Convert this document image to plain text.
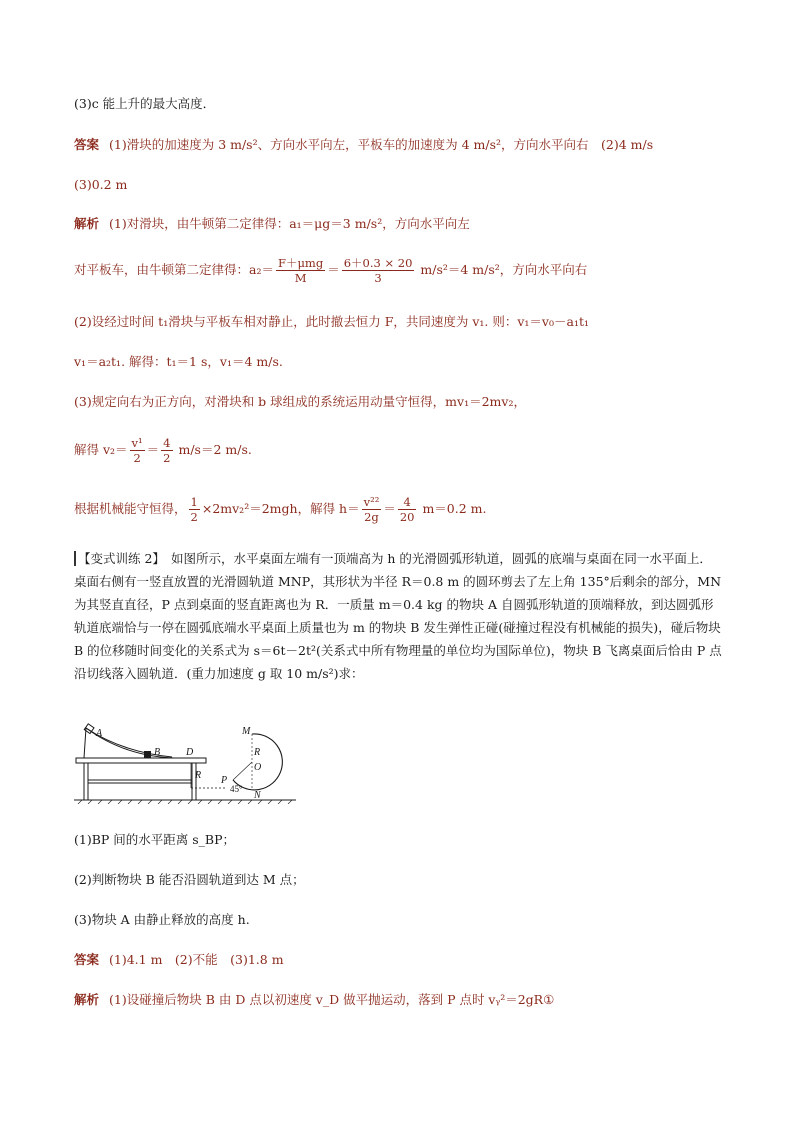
(3)c 能上升的最大高度．
答案 (1)滑块的加速度为 3 m/s²、方向水平向左，平板车的加速度为 4 m/s²，方向水平向右　(2)4 m/s
(3)0.2 m
解析 (1)对滑块，由牛顿第二定律得：a₁＝μg＝3 m/s²，方向水平向左
对平板车，由牛顿第二定律得：$a_2= \frac{\text{F＋μmg}}{M} = \frac{6+0.3 \times 20}{3} m/s^2=4$ m/s²，方向水平向右
(2)设经过时间 t₁滑块与平板车相对静止，此时撤去恒力 F，共同速度为 v₁. 则：v₁＝v₀－a₁t₁
v₁＝a₂t₁. 解得：t₁＝1 s，v₁＝4 m/s.
(3)规定向右为正方向，对滑块和 b 球组成的系统运用动量守恒得，mv₁＝2mv₂，
解得 $v_2= \frac{\text{v¹}}{2} = \frac{4}{2} m/s=2$ m/s.
根据机械能守恒得， $\frac{1}{2} \times 2mv_2^2=2mgh$，解得 $h= \frac{\text{v²²}}{2g} = \frac{4}{20} m=0.2$ m.
【变式训练 2】 如图所示，水平桌面左端有一顶端高为 h 的光滑圆弧形轨道，圆弧的底端与桌面在同一水平面上．桌面右侧有一竖直放置的光滑圆轨道 MNP，其形状为半径 R＝0.8 m 的圆环剪去了左上角 135°后剩余的部分，MN 为其竖直直径，P 点到桌面的竖直距离也为 R．一质量 m＝0.4 kg 的物块 A 自圆弧形轨道的顶端释放，到达圆弧形轨道底端恰与一停在圆弧底端水平桌面上质量也为 m 的物块 B 发生弹性正碰(碰撞过程没有机械能的损失)，碰后物块 B 的位移随时间变化的关系式为 s＝6t－2t²(关系式中所有物理量的单位均为国际单位)，物块 B 飞离桌面后恰由 P 点沿切线落入圆轨道．(重力加速度 g 取 10 m/s²)求：
A
B	D
R P
45°
M
R
O
N
(1)BP 间的水平距离 s_BP；
(2)判断物块 B 能否沿圆轨道到达 M 点；
(3)物块 A 由静止释放的高度 h.
答案 (1)4.1 m　(2)不能　(3)1.8 m
解析 (1)设碰撞后物块 B 由 D 点以初速度 v_D 做平抛运动，落到 P 点时 vᵧ²＝2gR①
